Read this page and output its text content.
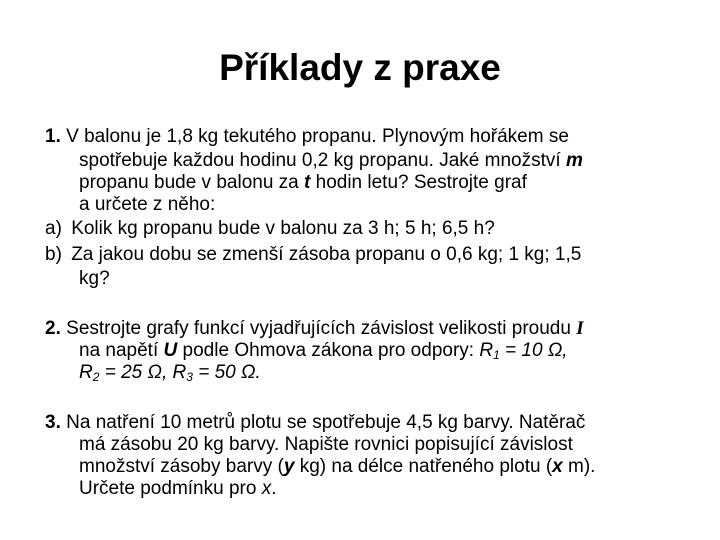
Příklady z praxe
1. V balonu je 1,8 kg tekutého propanu. Plynovým hořákem se
spotřebuje každou hodinu 0,2 kg propanu. Jaké množství m
propanu bude v balonu za t hodin letu? Sestrojte graf
a určete z něho:
a) Kolik kg propanu bude v balonu za 3 h; 5 h; 6,5 h?
b) Za jakou dobu se zmenší zásoba propanu o 0,6 kg; 1 kg; 1,5
kg?
2. Sestrojte grafy funkcí vyjadřujících závislost velikosti proudu I
na napětí U podle Ohmova zákona pro odpory: $R_1 = 10$ Ω,
$R_2 = 25$ Ω, $R_3 = 50$ Ω.
3. Na natření 10 metrů plotu se spotřebuje 4,5 kg barvy. Natěrač
má zásobu 20 kg barvy. Napište rovnici popisující závislost
množství zásoby barvy (y kg) na délce natřeného plotu (x m).
Určete podmínku pro x.
